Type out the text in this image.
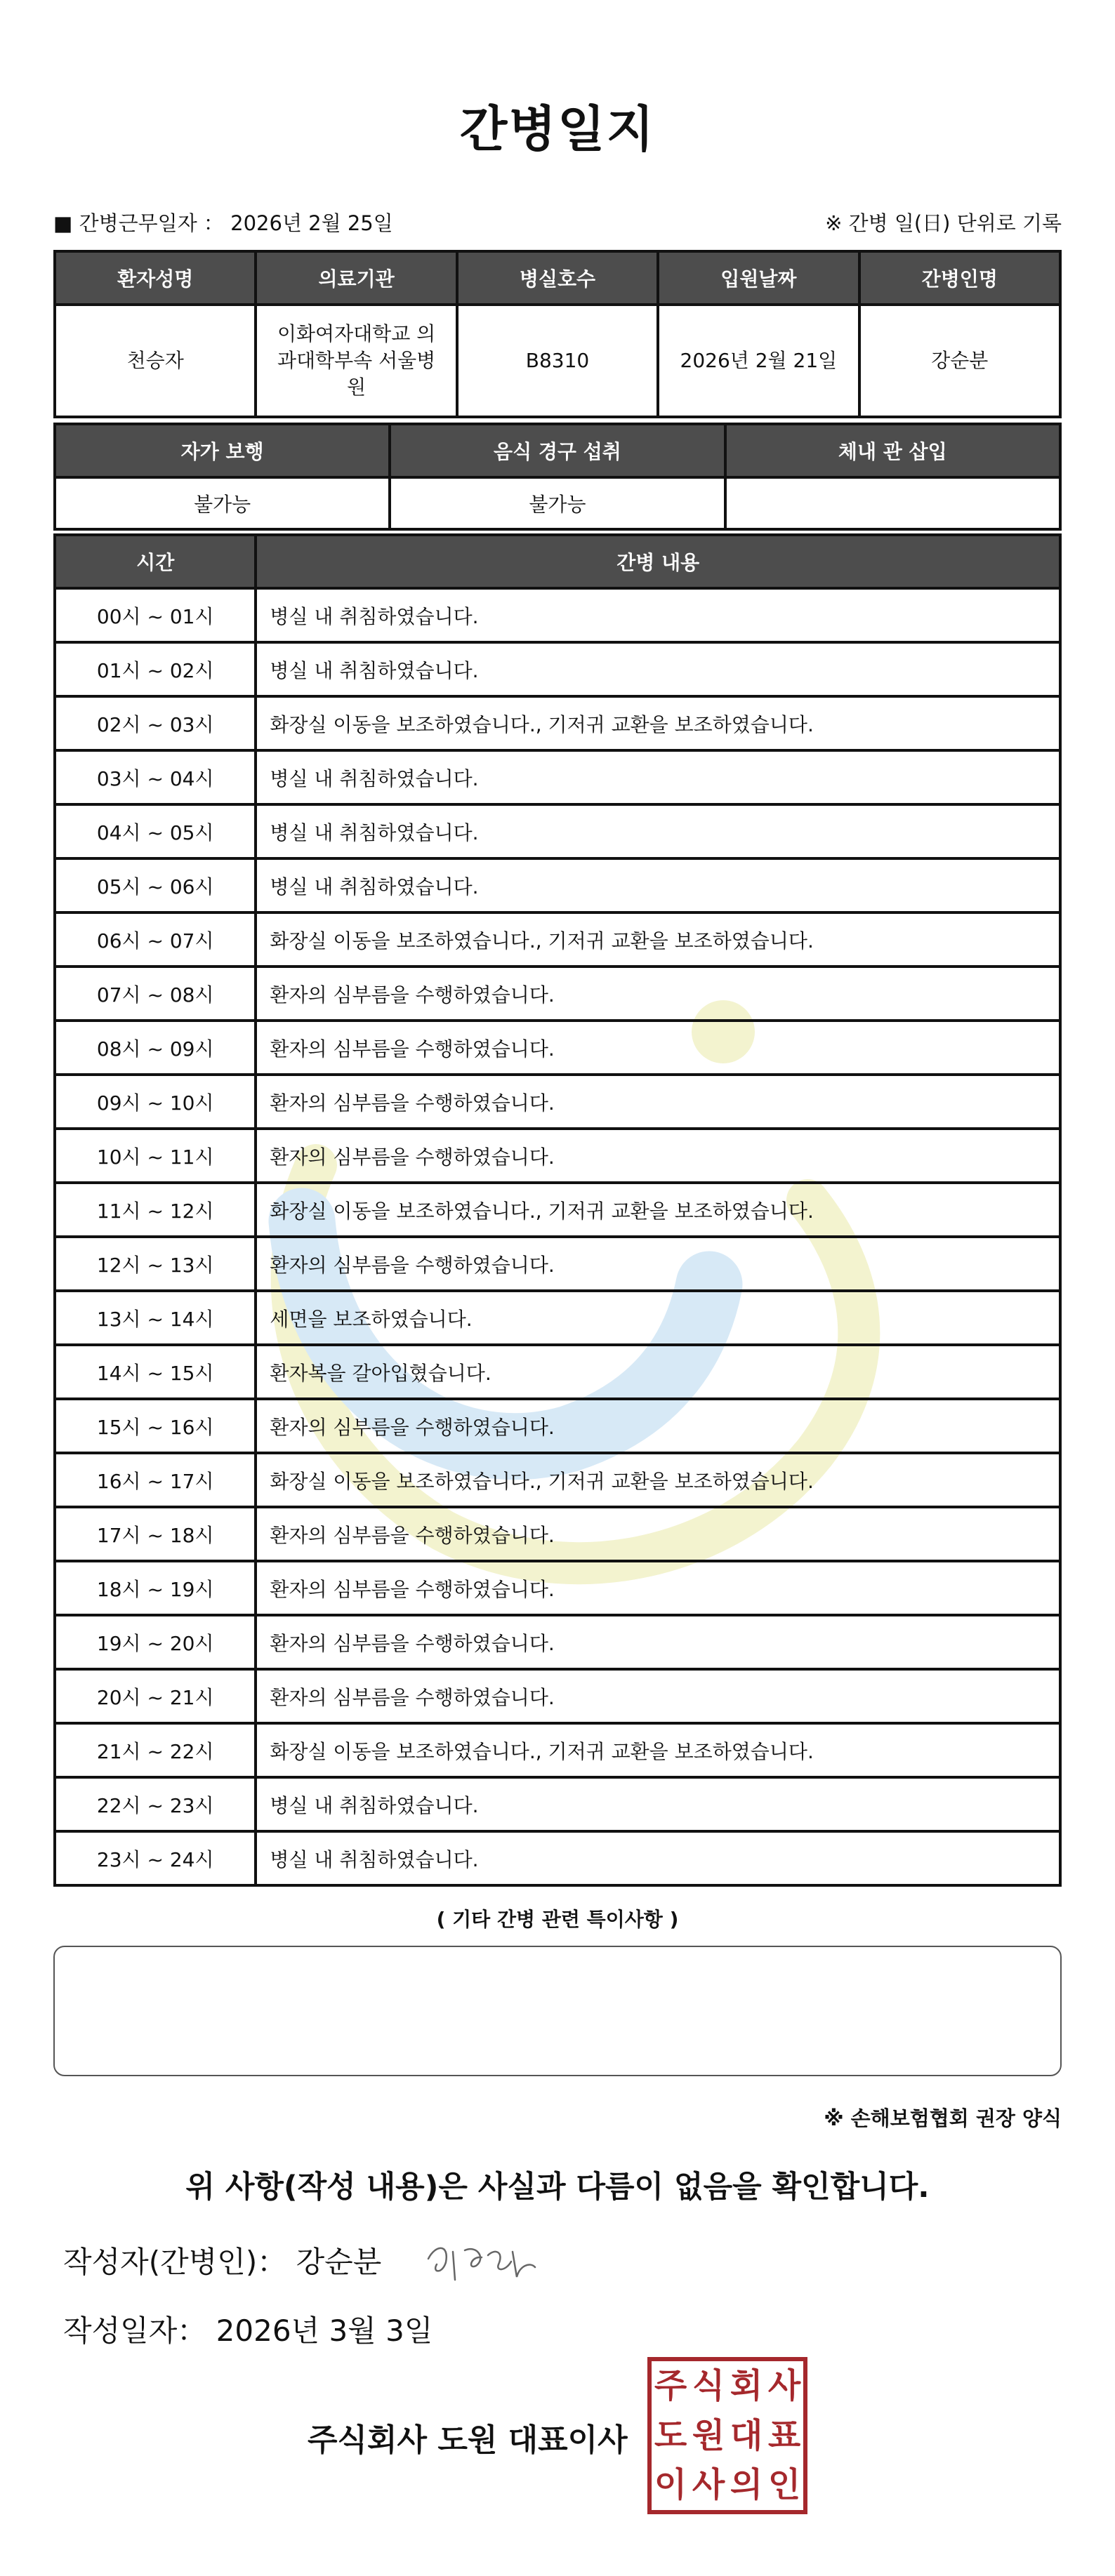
간병일지
■ 간병근무일자 ： 2026년 2월 25일	※ 간병 일(日) 단위로 기록
환자성명	의료기관	병실호수	입원날짜	간병인명
천승자	이화여자대학교 의과대학부속 서울병원	B8310	2026년 2월 21일	강순분
자가 보행	음식 경구 섭취	체내 관 삽입
불가능	불가능	
시간	간병 내용
00시 ~ 01시	병실 내 취침하였습니다.
01시 ~ 02시	병실 내 취침하였습니다.
02시 ~ 03시	화장실 이동을 보조하였습니다., 기저귀 교환을 보조하였습니다.
03시 ~ 04시	병실 내 취침하였습니다.
04시 ~ 05시	병실 내 취침하였습니다.
05시 ~ 06시	병실 내 취침하였습니다.
06시 ~ 07시	화장실 이동을 보조하였습니다., 기저귀 교환을 보조하였습니다.
07시 ~ 08시	환자의 심부름을 수행하였습니다.
08시 ~ 09시	환자의 심부름을 수행하였습니다.
09시 ~ 10시	환자의 심부름을 수행하였습니다.
10시 ~ 11시	환자의 심부름을 수행하였습니다.
11시 ~ 12시	화장실 이동을 보조하였습니다., 기저귀 교환을 보조하였습니다.
12시 ~ 13시	환자의 심부름을 수행하였습니다.
13시 ~ 14시	세면을 보조하였습니다.
14시 ~ 15시	환자복을 갈아입혔습니다.
15시 ~ 16시	환자의 심부름을 수행하였습니다.
16시 ~ 17시	화장실 이동을 보조하였습니다., 기저귀 교환을 보조하였습니다.
17시 ~ 18시	환자의 심부름을 수행하였습니다.
18시 ~ 19시	환자의 심부름을 수행하였습니다.
19시 ~ 20시	환자의 심부름을 수행하였습니다.
20시 ~ 21시	환자의 심부름을 수행하였습니다.
21시 ~ 22시	화장실 이동을 보조하였습니다., 기저귀 교환을 보조하였습니다.
22시 ~ 23시	병실 내 취침하였습니다.
23시 ~ 24시	병실 내 취침하였습니다.
( 기타 간병 관련 특이사항 )
※ 손해보험협회 권장 양식
위 사항(작성 내용)은 사실과 다름이 없음을 확인합니다.
작성자(간병인)： 강순분
작성일자： 2026년 3월 3일
주식회사 도원 대표이사
주 식 회 사
도 원 대 표
이 사 의 인
